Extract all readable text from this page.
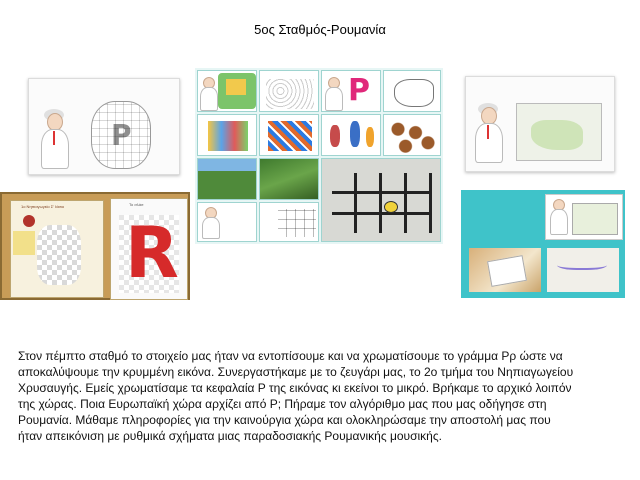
5ος Σταθμός-Ρουμανία

Ρ
P

1ο Νηπιαγωγείο Σ' Ιάσιο	Το σλάιτ
R
Στον πέμπτο σταθμό το στοιχείο μας ήταν να εντοπίσουμε και να χρωματίσουμε το γράμμα Ρρ ώστε να
αποκαλύψουμε την κρυμμένη εικόνα. Συνεργαστήκαμε με το ζευγάρι μας, το 2ο τμήμα του Νηπιαγωγείου
Χρυσαυγής. Εμείς χρωματίσαμε τα κεφαλαία Ρ της εικόνας κι εκείνοι το μικρό. Βρήκαμε το αρχικό λοιπόν
της χώρας. Ποια Ευρωπαϊκή χώρα αρχίζει από Ρ; Πήραμε τον αλγόριθμο μας που μας οδήγησε στη
Ρουμανία. Μάθαμε πληροφορίες για την καινούργια χώρα και ολοκληρώσαμε την αποστολή μας που
ήταν απεικόνιση με ρυθμικά σχήματα μιας παραδοσιακής Ρουμανικής μουσικής.
